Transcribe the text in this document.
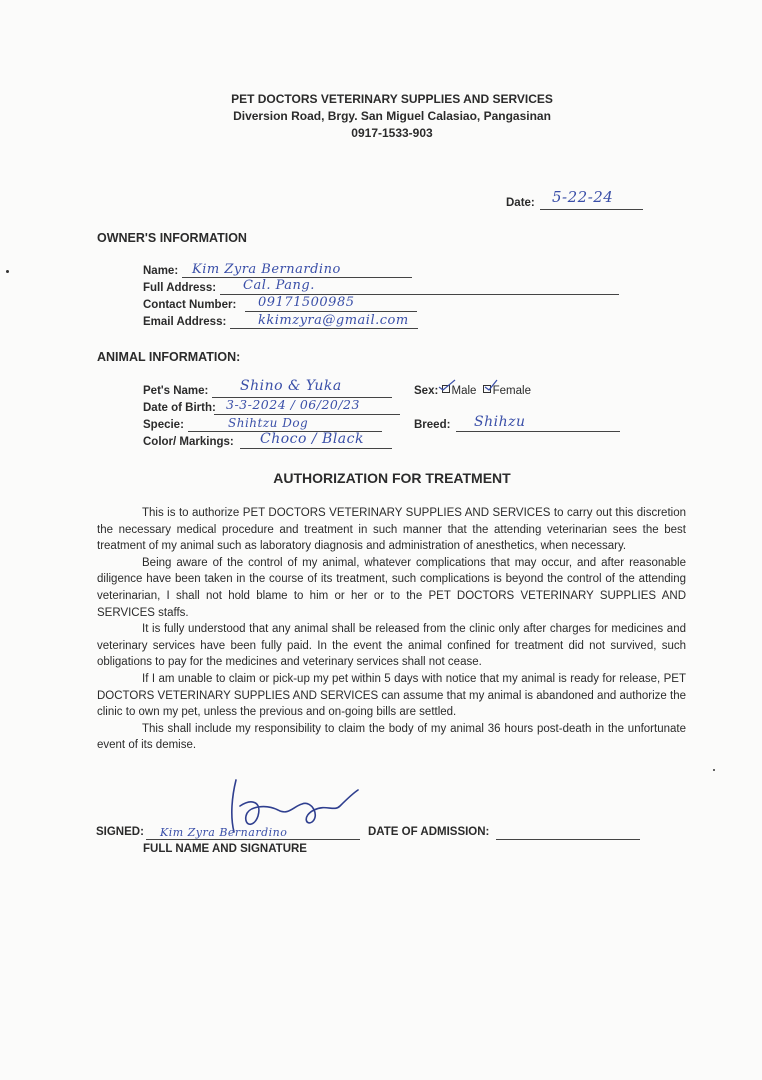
PET DOCTORS VETERINARY SUPPLIES AND SERVICES
Diversion Road, Brgy. San Miguel Calasiao, Pangasinan
0917-1533-903
Date: 5-22-24
OWNER'S INFORMATION
Name: Kim Zyra Bernardino
Full Address: Cal. Pang.
Contact Number: 09171500985
Email Address: kkimzyra@gmail.com
ANIMAL INFORMATION:
Pet's Name: Shino & Yuka	Sex: Male Female
Date of Birth: 3-3-2024 / 06/20/23
Specie:	Shihtzu Dog	Breed: Shihzu
Color/ Markings: Choco / Black
AUTHORIZATION FOR TREATMENT

This is to authorize PET DOCTORS VETERINARY SUPPLIES AND SERVICES to carry out this discretion the necessary medical procedure and treatment in such manner that the attending veterinarian sees the best treatment of my animal such as laboratory diagnosis and administration of anesthetics, when necessary.

Being aware of the control of my animal, whatever complications that may occur, and after reasonable diligence have been taken in the course of its treatment, such complications is beyond the control of the attending veterinarian, I shall not hold blame to him or her or to the PET DOCTORS VETERINARY SUPPLIES AND SERVICES staffs.

It is fully understood that any animal shall be released from the clinic only after charges for medicines and veterinary services have been fully paid. In the event the animal confined for treatment did not survived, such obligations to pay for the medicines and veterinary services shall not cease.

If I am unable to claim or pick-up my pet within 5 days with notice that my animal is ready for release, PET DOCTORS VETERINARY SUPPLIES AND SERVICES can assume that my animal is abandoned and authorize the clinic to own my pet, unless the previous and on-going bills are settled.

This shall include my responsibility to claim the body of my animal 36 hours post-death in the unfortunate event of its demise.

SIGNED: Kim Zyra Bernardino
FULL NAME AND SIGNATURE
DATE OF ADMISSION:
